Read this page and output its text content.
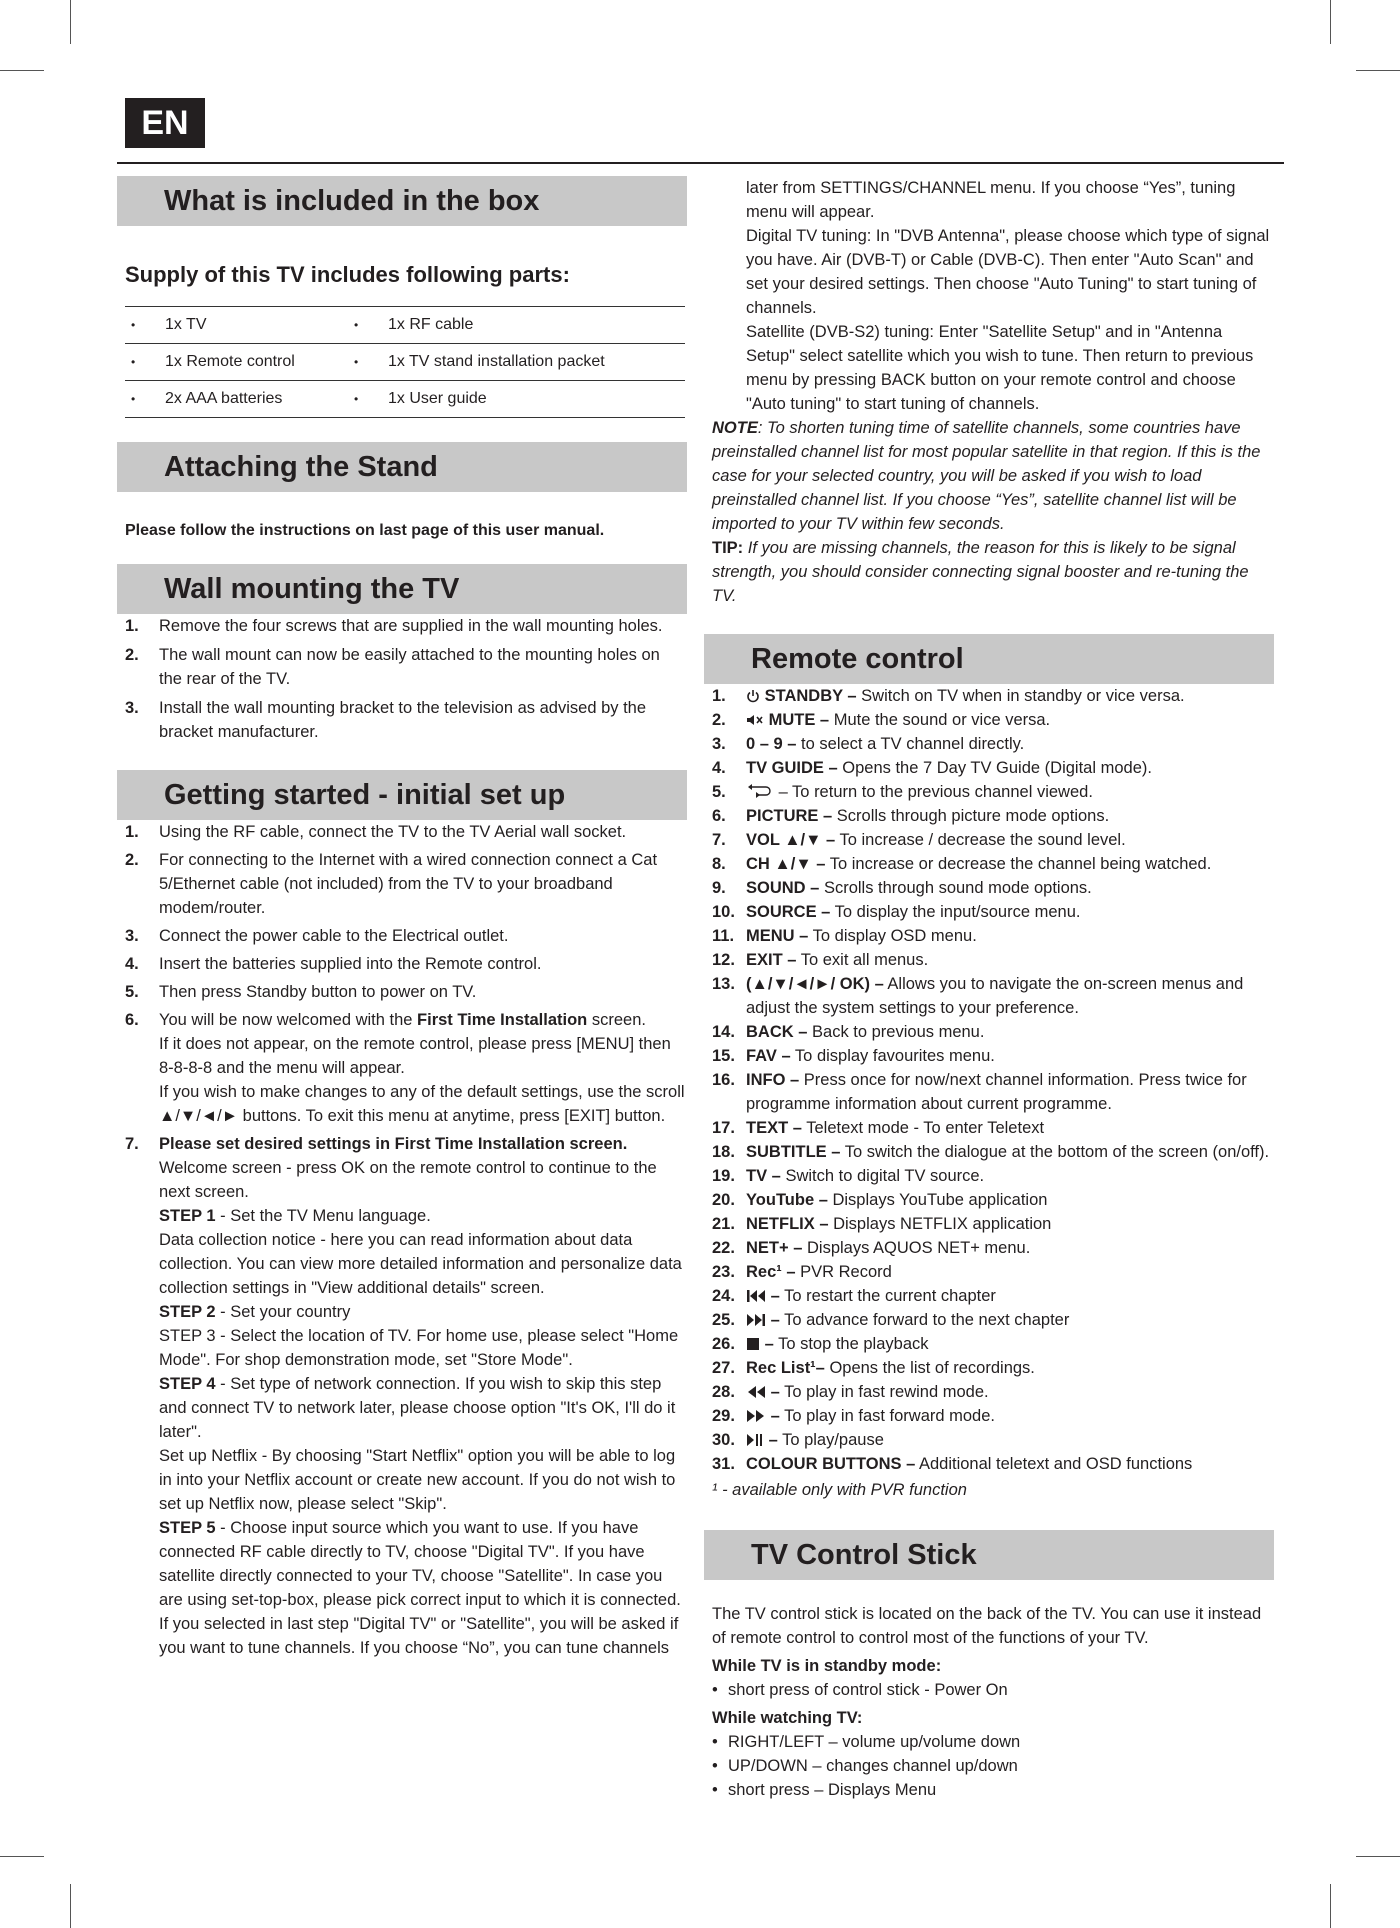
EN
What is included in the box

Supply of this TV includes following parts:

• 1x TV	• 1x RF cable

• 1x Remote control	• 1x TV stand installation packet

• 2x AAA batteries	• 1x User guide
Attaching the Stand

Please follow the instructions on last page of this user manual.

Wall mounting the TV
1.	Remove the four screws that are supplied in the wall mounting holes.
2.	The wall mount can now be easily attached to the mounting holes on the rear of the TV.
3.	Install the wall mounting bracket to the television as advised by the bracket manufacturer.
Getting started - initial set up
1.	Using the RF cable, connect the TV to the TV Aerial wall socket.
2.	For connecting to the Internet with a wired connection connect a Cat 5/Ethernet cable (not included) from the TV to your broadband modem/router.
3.	Connect the power cable to the Electrical outlet.
4.	Insert the batteries supplied into the Remote control.
5.	Then press Standby button to power on TV.
6.	You will be now welcomed with the First Time Installation screen.

If it does not appear, on the remote control, please press [MENU] then 8-8-8-8 and the menu will appear.

If you wish to make changes to any of the default settings, use the scroll ▲/▼/◄/► buttons. To exit this menu at anytime, press [EXIT] button.

7.	Please set desired settings in First Time Installation screen.

Welcome screen - press OK on the remote control to continue to the next screen.

STEP 1 - Set the TV Menu language.

Data collection notice - here you can read information about data collection. You can view more detailed information and personalize data collection settings in "View additional details" screen.

STEP 2 - Set your country

STEP 3 - Select the location of TV. For home use, please select "Home Mode". For shop demonstration mode, set "Store Mode".

STEP 4 - Set type of network connection. If you wish to skip this step and connect TV to network later, please choose option "It's OK, I'll do it later".

Set up Netflix - By choosing "Start Netflix" option you will be able to log in into your Netflix account or create new account. If you do not wish to set up Netflix now, please select "Skip".

STEP 5 - Choose input source which you want to use. If you have connected RF cable directly to TV, choose "Digital TV". If you have satellite directly connected to your TV, choose "Satellite". In case you are using set-top-box, please pick correct input to which it is connected.

If you selected in last step "Digital TV" or "Satellite", you will be asked if you want to tune channels. If you choose “No”, you can tune channels

later from SETTINGS/CHANNEL menu. If you choose “Yes”, tuning menu will appear.

Digital TV tuning: In "DVB Antenna", please choose which type of signal you have. Air (DVB-T) or Cable (DVB-C). Then enter "Auto Scan" and set your desired settings. Then choose "Auto Tuning" to start tuning of channels.

Satellite (DVB-S2) tuning: Enter "Satellite Setup" and in "Antenna Setup" select satellite which you wish to tune. Then return to previous menu by pressing BACK button on your remote control and choose "Auto tuning" to start tuning of channels.

NOTE: To shorten tuning time of satellite channels, some countries have preinstalled channel list for most popular satellite in that region. If this is the case for your selected country, you will be asked if you wish to load preinstalled channel list. If you choose “Yes”, satellite channel list will be imported to your TV within few seconds.

TIP: If you are missing channels, the reason for this is likely to be signal strength, you should consider connecting signal booster and re-tuning the TV.

Remote control
1.	STANDBY – Switch on TV when in standby or vice versa.
2.	MUTE – Mute the sound or vice versa.
3.	0 – 9 – to select a TV channel directly.
4.	TV GUIDE – Opens the 7 Day TV Guide (Digital mode).
5.	– To return to the previous channel viewed.
6.	PICTURE – Scrolls through picture mode options.
7.	VOL ▲/▼ – To increase / decrease the sound level.
8.	CH ▲/▼ – To increase or decrease the channel being watched.
9.	SOUND – Scrolls through sound mode options.
10. SOURCE – To display the input/source menu.
11. MENU – To display OSD menu.
12. EXIT – To exit all menus.
13. (▲/▼/◄/►/ OK) – Allows you to navigate the on-screen menus and adjust the system settings to your preference.
14. BACK – Back to previous menu.
15. FAV – To display favourites menu.
16. INFO – Press once for now/next channel information. Press twice for programme information about current programme.
17. TEXT – Teletext mode - To enter Teletext
18. SUBTITLE – To switch the dialogue at the bottom of the screen (on/off).
19. TV – Switch to digital TV source.
20. YouTube – Displays YouTube application
21. NETFLIX – Displays NETFLIX application
22. NET+ – Displays AQUOS NET+ menu.
23. Rec¹ – PVR Record
24.	– To restart the current chapter
25.	– To advance forward to the next chapter
26.	– To stop the playback
27. Rec List¹– Opens the list of recordings.
28.	– To play in fast rewind mode.
29.	– To play in fast forward mode.
30.	– To play/pause
31. COLOUR BUTTONS – Additional teletext and OSD functions

¹ - available only with PVR function

TV Control Stick

The TV control stick is located on the back of the TV. You can use it instead of remote control to control most of the functions of your TV.

While TV is in standby mode:

• short press of control stick - Power On

While watching TV:

• RIGHT/LEFT – volume up/volume down
• UP/DOWN – changes channel up/down
• short press – Displays Menu
